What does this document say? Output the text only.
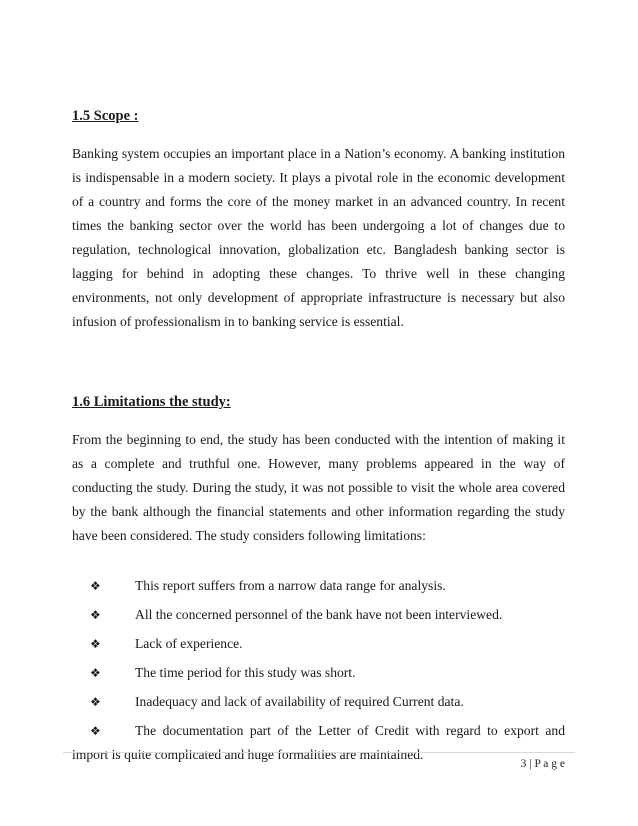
1.5 Scope :

Banking system occupies an important place in a Nation’s economy. A banking institution is indispensable in a modern society. It plays a pivotal role in the economic development of a country and forms the core of the money market in an advanced country. In recent times the banking sector over the world has been undergoing a lot of changes due to regulation, technological innovation, globalization etc. Bangladesh banking sector is lagging for behind in adopting these changes. To thrive well in these changing environments, not only development of appropriate infrastructure is necessary but also infusion of professionalism in to banking service is essential.

1.6 Limitations the study:

From the beginning to end, the study has been conducted with the intention of making it as a complete and truthful one. However, many problems appeared in the way of conducting the study. During the study, it was not possible to visit the whole area covered by the bank although the financial statements and other information regarding the study have been considered. The study considers following limitations:

❖	This report suffers from a narrow data range for analysis.
❖	All the concerned personnel of the bank have not been interviewed.
❖	Lack of experience.
❖	The time period for this study was short.
❖	Inadequacy and lack of availability of required Current data.
❖	The documentation part of the Letter of Credit with regard to export and import is quite complicated and huge formalities are maintained.
3 | P a g e
